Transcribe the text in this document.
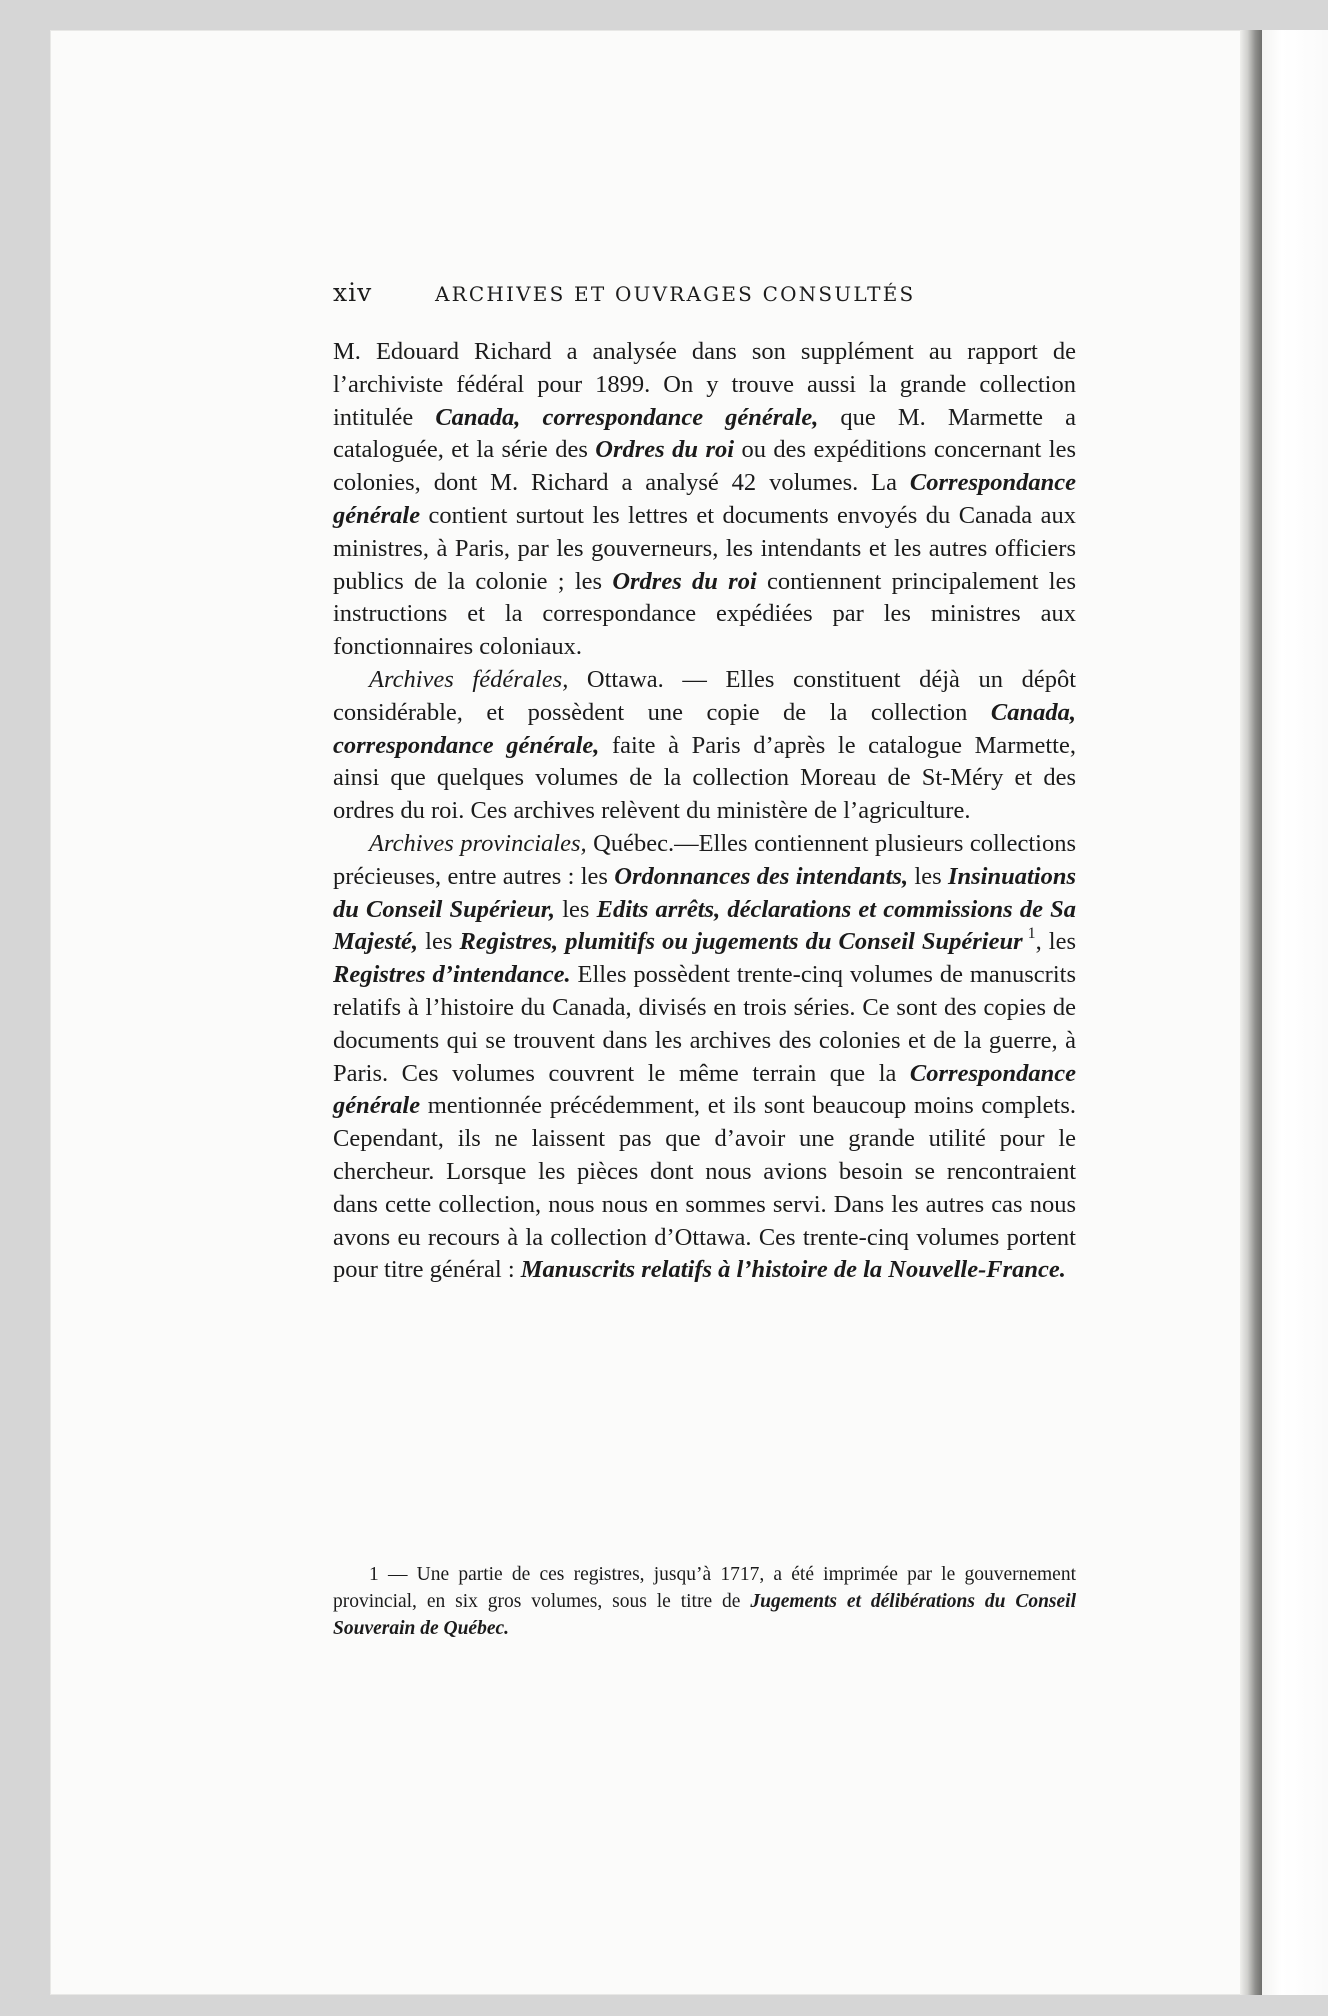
xiv	ARCHIVES ET OUVRAGES CONSULTÉS

M. Edouard Richard a analysée dans son supplément au rapport de l’archiviste fédéral pour 1899. On y trouve aussi la grande collection intitulée Canada, correspondance générale, que M. Marmette a cataloguée, et la série des Ordres du roi ou des expéditions concernant les colonies, dont M. Richard a analysé 42 volumes. La Correspondance générale contient surtout les lettres et documents envoyés du Canada aux ministres, à Paris, par les gouverneurs, les intendants et les autres officiers publics de la colonie ; les Ordres du roi contiennent principalement les instructions et la correspondance expédiées par les ministres aux fonctionnaires coloniaux.

Archives fédérales, Ottawa. — Elles constituent déjà un dépôt considérable, et possèdent une copie de la collection Canada, correspondance générale, faite à Paris d’après le catalogue Marmette, ainsi que quelques volumes de la collection Moreau de St-Méry et des ordres du roi. Ces archives relèvent du ministère de l’agriculture.

Archives provinciales, Québec.—Elles contiennent plusieurs collections précieuses, entre autres : les Ordonnances des intendants, les Insinuations du Conseil Supérieur, les Edits arrêts, déclarations et commissions de Sa Majesté, les Registres, plumitifs ou jugements du Conseil Supérieur $^1$, les Registres d’intendance. Elles possèdent trente-cinq volumes de manuscrits relatifs à l’histoire du Canada, divisés en trois séries. Ce sont des copies de documents qui se trouvent dans les archives des colonies et de la guerre, à Paris. Ces volumes couvrent le même terrain que la Correspondance générale mentionnée précédemment, et ils sont beaucoup moins complets. Cependant, ils ne laissent pas que d’avoir une grande utilité pour le chercheur. Lorsque les pièces dont nous avions besoin se rencontraient dans cette collection, nous nous en sommes servi. Dans les autres cas nous avons eu recours à la collection d’Ottawa. Ces trente-cinq volumes portent pour titre général : Manuscrits relatifs à l’histoire de la Nouvelle-France.

1 — Une partie de ces registres, jusqu’à 1717, a été imprimée par le gouvernement provincial, en six gros volumes, sous le titre de Jugements et délibérations du Conseil Souverain de Québec.
